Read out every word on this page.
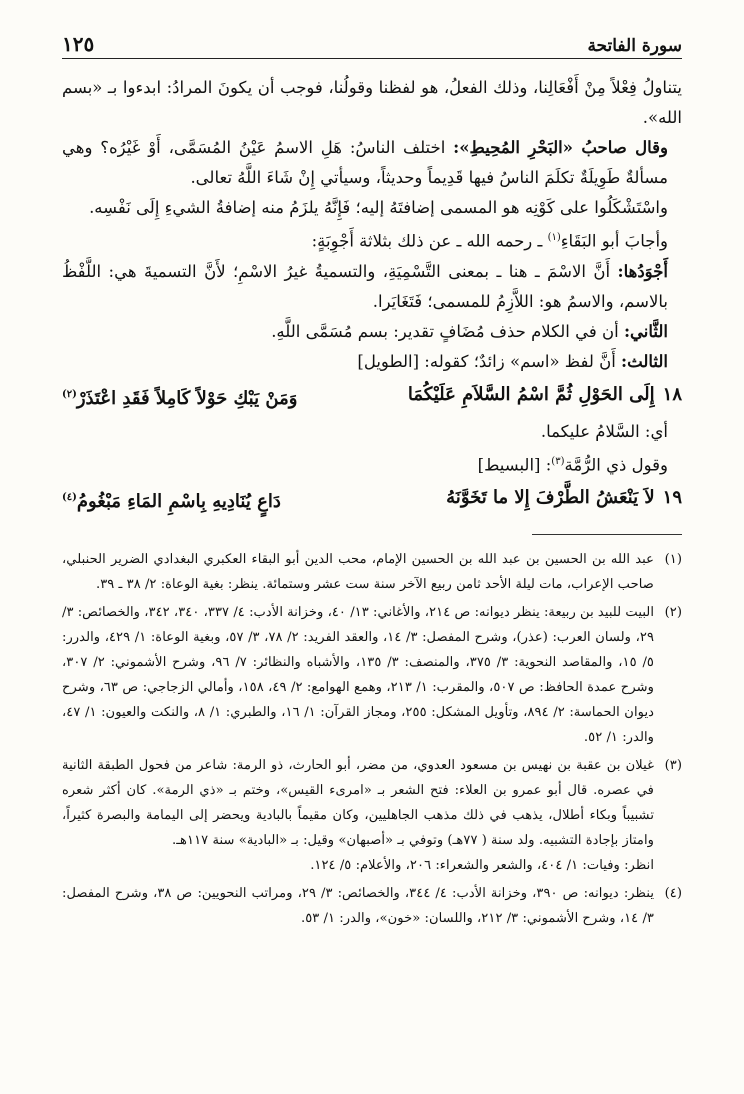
سورة الفاتحة
١٢٥

يتناولُ فِعْلاً مِنْ أَفْعَالِنا، وذلك الفعلُ، هو لفظنا وقولُنا، فوجب أن يكونَ المرادُ: ابدءوا بـ «بسم الله».

وقال صاحبُ «البَحْرِ المُحِيطِ»: اختلف الناسُ: هَلِ الاسمُ عَيْنُ المُسَمَّى، أَوْ غَيْرُه؟ وهي مسألةٌ طَوِيلَةٌ تكلَمَ الناسُ فيها قَدِيماً وحديثاً، وسيأتي إِنْ شَاءَ اللَّهُ تعالى.

واسْتَشْكَلُوا على كَوْنِه هو المسمى إضافتَهُ إليه؛ فَإِنَّهُ يلزَمُ منه إضافةُ الشيءِ إِلَى نَفْسِه.

وأجابَ أبو البَقَاءِ$^{(١)}$ ـ رحمه الله ـ عن ذلك بثلاثة أَجْوِبَةٍ:

أَجْوَدُها: أَنَّ الاسْمَ ـ هنا ـ بمعنى التَّسْمِيَةِ، والتسميةُ غيرُ الاسْمِ؛ لأَنَّ التسميةَ هي: اللَّفْظُ بالاسم، والاسمُ هو: اللاَّزِمُ للمسمى؛ فَتَغَايَرا.

الثَّاني: أن في الكلام حذف مُضَافٍ تقدير: بسم مُسَمَّى اللَّهِ.

الثالث: أَنَّ لفظ «اسم» زائدٌ؛ كقوله: [الطويل]

١٨إِلَى الحَوْلِ ثُمَّ اسْمُ السَّلاَمِ عَلَيْكُمَا
وَمَنْ يَبْكِ حَوْلاً كَامِلاً فَقَدِ اعْتَذَرْ$^{(٢)}$

أي: السَّلامُ عليكما.

وقول ذي الرُّمَّة$^{(٣)}$: [البسيط]

١٩لاَ يَنْعَشُ الطَّرْفَ إِلا ما تَخَوَّنَهُ
دَاعٍ يُنَادِيهِ بِاسْمِ المَاءِ مَبْغُومُ$^{(٤)}$
(١)
عبد الله بن الحسين بن عبد الله بن الحسين الإمام، محب الدين أبو البقاء العكبري البغدادي الضرير الحنبلي، صاحب الإعراب، مات ليلة الأحد ثامن ربيع الآخر سنة ست عشر وستمائة. ينظر: بغية الوعاة: ٢/ ٣٨ ـ ٣٩.
(٢)
البيت للبيد بن ربيعة: ينظر ديوانه: ص ٢١٤، والأغاني: ١٣/ ٤٠، وخزانة الأدب: ٤/ ٣٣٧، ٣٤٠، ٣٤٢، والخصائص: ٣/ ٢٩، ولسان العرب: (عذر)، وشرح المفصل: ٣/ ١٤، والعقد الفريد: ٢/ ٧٨، ٣/ ٥٧، وبغية الوعاة: ١/ ٤٢٩، والدرر: ٥/ ١٥، والمقاصد النحوية: ٣/ ٣٧٥، والمنصف: ٣/ ١٣٥، والأشباه والنظائر: ٧/ ٩٦، وشرح الأشموني: ٢/ ٣٠٧، وشرح عمدة الحافظ: ص ٥٠٧، والمقرب: ١/ ٢١٣، وهمع الهوامع: ٢/ ٤٩، ١٥٨، وأمالي الزجاجي: ص ٦٣، وشرح ديوان الحماسة: ٢/ ٨٩٤، وتأويل المشكل: ٢٥٥، ومجاز القرآن: ١/ ١٦، والطبري: ١/ ٨، والنكت والعيون: ١/ ٤٧، والدر: ١/ ٥٢.
(٣)
غيلان بن عقبة بن نهيس بن مسعود العدوي، من مضر، أبو الحارث، ذو الرمة: شاعر من فحول الطبقة الثانية في عصره. قال أبو عمرو بن العلاء: فتح الشعر بـ «امرىء القيس»، وختم بـ «ذي الرمة». كان أكثر شعره تشبيباً وبكاء أطلال، يذهب في ذلك مذهب الجاهليين، وكان مقيماً بالبادية ويحضر إلى اليمامة والبصرة كثيراً، وامتاز بإجادة التشبيه. ولد سنة ( ٧٧هـ) وتوفي بـ «أصبهان» وقيل: بـ «البادية» سنة ١١٧هـ.
انظر: وفيات: ١/ ٤٠٤، والشعر والشعراء: ٢٠٦، والأعلام: ٥/ ١٢٤.
(٤)
ينظر: ديوانه: ص ٣٩٠، وخزانة الأدب: ٤/ ٣٤٤، والخصائص: ٣/ ٢٩، ومراتب النحويين: ص ٣٨، وشرح المفصل: ٣/ ١٤، وشرح الأشموني: ٣/ ٢١٢، واللسان: «خون»، والدر: ١/ ٥٣.
